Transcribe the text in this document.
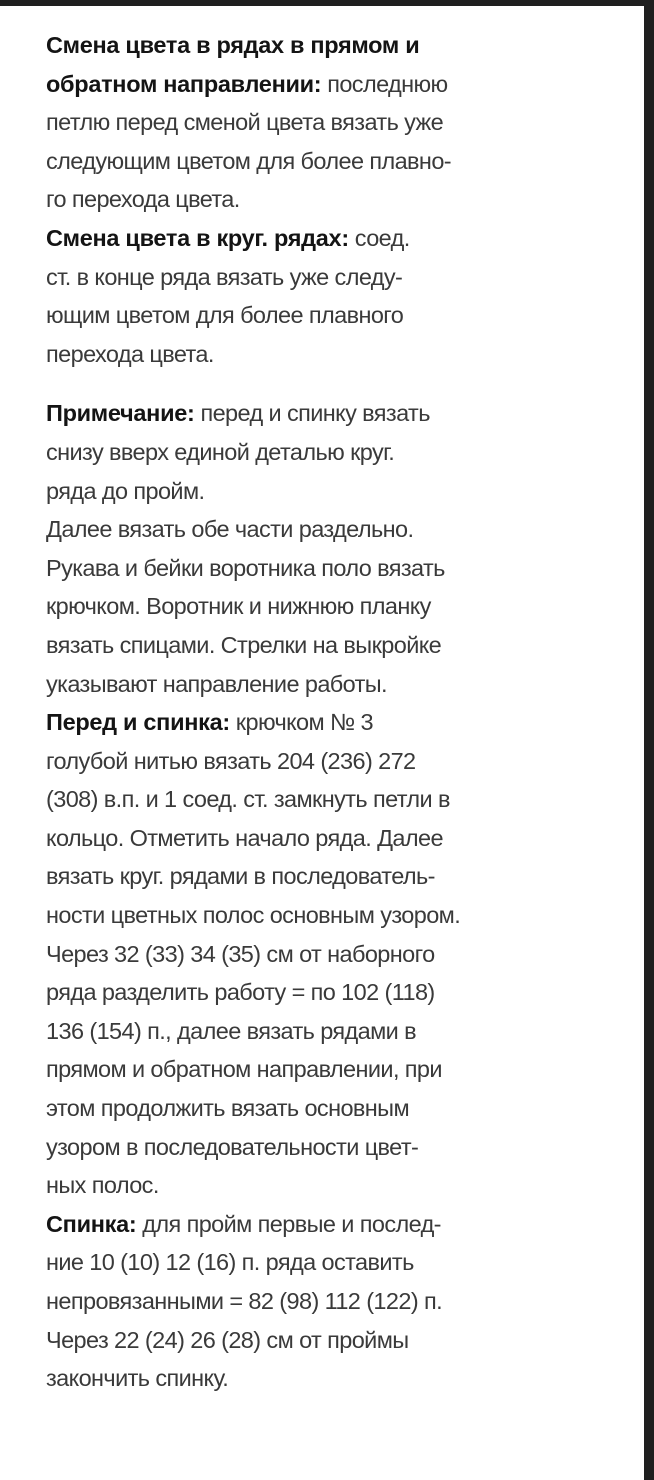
Смена цвета в рядах в прямом и
обратном направлении: последнюю
петлю перед сменой цвета вязать уже
следующим цветом для более плавно-
го перехода цвета.
Смена цвета в круг. рядах: соед.
ст. в конце ряда вязать уже следу-
ющим цветом для более плавного
перехода цвета.
Примечание: перед и спинку вязать
снизу вверх единой деталью круг.
ряда до пройм.
Далее вязать обе части раздельно.
Рукава и бейки воротника поло вязать
крючком. Воротник и нижнюю планку
вязать спицами. Стрелки на выкройке
указывают направление работы.
Перед и спинка: крючком № 3
голубой нитью вязать 204 (236) 272
(308) в.п. и 1 соед. ст. замкнуть петли в
кольцо. Отметить начало ряда. Далее
вязать круг. рядами в последователь-
ности цветных полос основным узором.
Через 32 (33) 34 (35) см от наборного
ряда разделить работу = по 102 (118)
136 (154) п., далее вязать рядами в
прямом и обратном направлении, при
этом продолжить вязать основным
узором в последовательности цвет-
ных полос.
Спинка: для пройм первые и послед-
ние 10 (10) 12 (16) п. ряда оставить
непровязанными = 82 (98) 112 (122) п.
Через 22 (24) 26 (28) см от проймы
закончить спинку.
